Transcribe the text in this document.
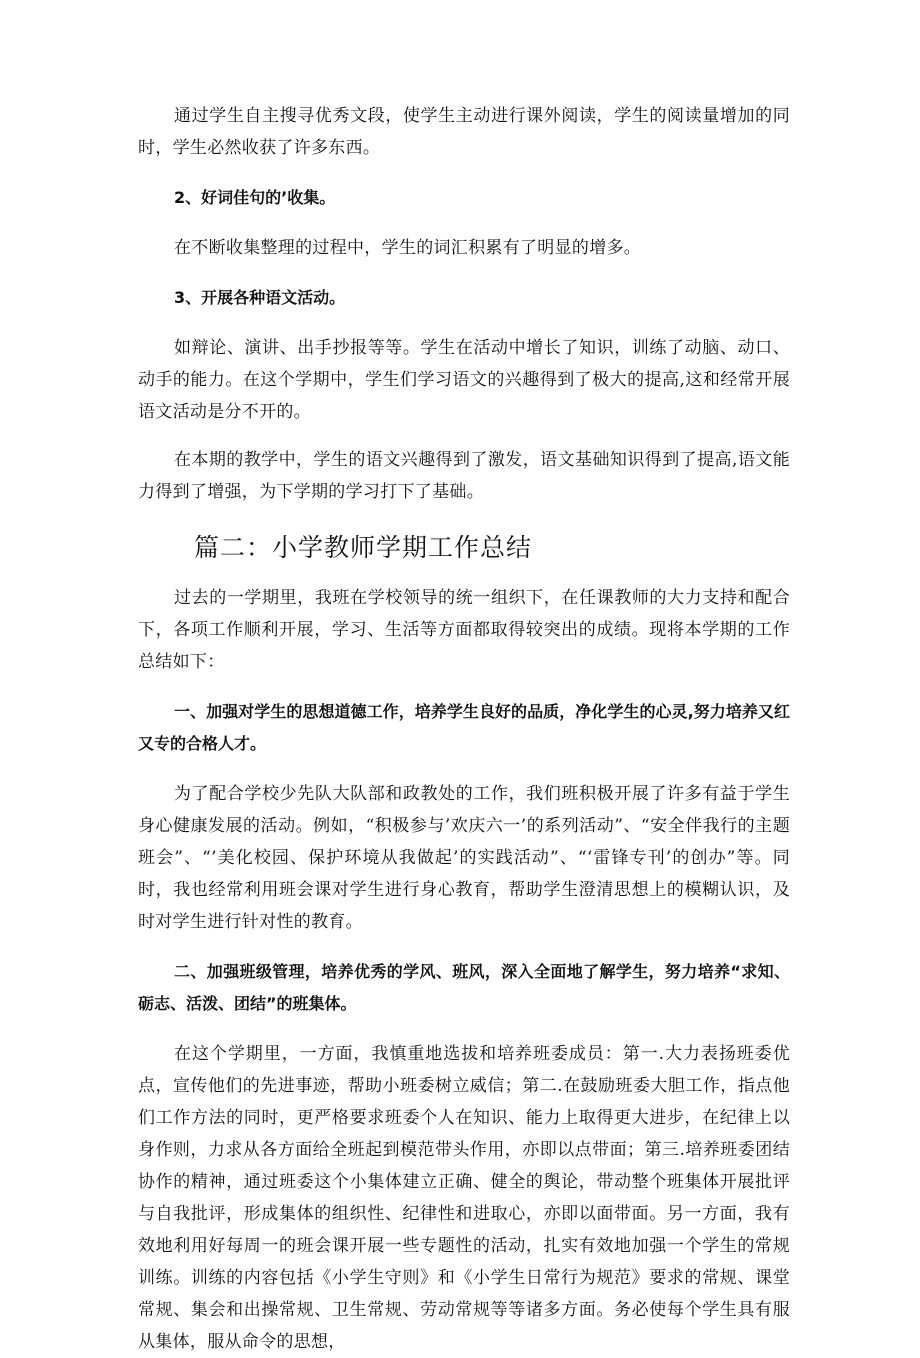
通过学生自主搜寻优秀文段，使学生主动进行课外阅读，学生的阅读量增加的同时，学生必然收获了许多东西。

2、好词佳句的’收集。

在不断收集整理的过程中，学生的词汇积累有了明显的增多。

3、开展各种语文活动。

如辩论、演讲、出手抄报等等。学生在活动中增长了知识，训练了动脑、动口、动手的能力。在这个学期中，学生们学习语文的兴趣得到了极大的提高,这和经常开展语文活动是分不开的。

在本期的教学中，学生的语文兴趣得到了激发，语文基础知识得到了提高,语文能力得到了增强，为下学期的学习打下了基础。

篇二：小学教师学期工作总结

过去的一学期里，我班在学校领导的统一组织下，在任课教师的大力支持和配合下，各项工作顺利开展，学习、生活等方面都取得较突出的成绩。现将本学期的工作总结如下：

一、加强对学生的思想道德工作，培养学生良好的品质，净化学生的心灵,努力培养又红又专的合格人才。

为了配合学校少先队大队部和政教处的工作，我们班积极开展了许多有益于学生身心健康发展的活动。例如，“积极参与’欢庆六一’的系列活动”、“安全伴我行的主题班会”、“’美化校园、保护环境从我做起’的实践活动”、“‘雷锋专刊’的创办”等。同时，我也经常利用班会课对学生进行身心教育，帮助学生澄清思想上的模糊认识，及时对学生进行针对性的教育。

二、加强班级管理，培养优秀的学风、班风，深入全面地了解学生，努力培养“求知、砺志、活泼、团结”的班集体。

在这个学期里，一方面，我慎重地选拔和培养班委成员：第一.大力表扬班委优点，宣传他们的先进事迹，帮助小班委树立威信；第二.在鼓励班委大胆工作，指点他们工作方法的同时，更严格要求班委个人在知识、能力上取得更大进步，在纪律上以身作则，力求从各方面给全班起到模范带头作用，亦即以点带面；第三.培养班委团结协作的精神，通过班委这个小集体建立正确、健全的舆论，带动整个班集体开展批评与自我批评，形成集体的组织性、纪律性和进取心，亦即以面带面。另一方面，我有效地利用好每周一的班会课开展一些专题性的活动，扎实有效地加强一个学生的常规训练。训练的内容包括《小学生守则》和《小学生日常行为规范》要求的常规、课堂常规、集会和出操常规、卫生常规、劳动常规等等诸多方面。务必使每个学生具有服从集体，服从命令的思想，
